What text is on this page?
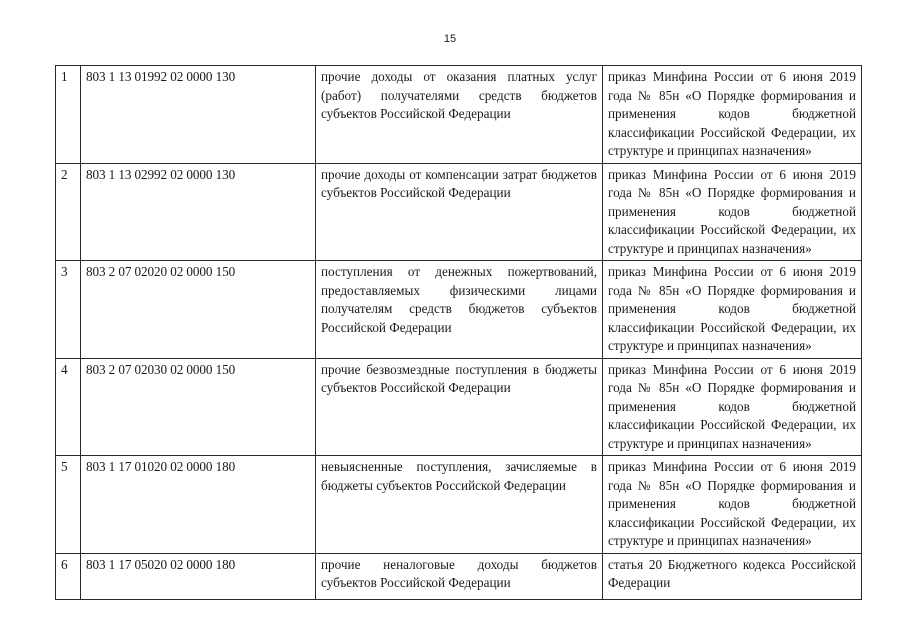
15
1	803 1 13 01992 02 0000 130	прочие доходы от оказания платных услуг (работ) получателями средств бюджетов субъектов Российской Федерации	приказ Минфина России от 6 июня 2019 года № 85н «О Порядке формирования и применения кодов бюджетной классификации Российской Федерации, их структуре и принципах назначения»
2	803 1 13 02992 02 0000 130	прочие доходы от компенсации затрат бюджетов субъектов Российской Федерации	приказ Минфина России от 6 июня 2019 года № 85н «О Порядке формирования и применения кодов бюджетной классификации Российской Федерации, их структуре и принципах назначения»
3	803 2 07 02020 02 0000 150	поступления от денежных пожертвований, предоставляемых физическими лицами получателям средств бюджетов субъектов Российской Федерации	приказ Минфина России от 6 июня 2019 года № 85н «О Порядке формирования и применения кодов бюджетной классификации Российской Федерации, их структуре и принципах назначения»
4	803 2 07 02030 02 0000 150	прочие безвозмездные поступления в бюджеты субъектов Российской Федерации	приказ Минфина России от 6 июня 2019 года № 85н «О Порядке формирования и применения кодов бюджетной классификации Российской Федерации, их структуре и принципах назначения»
5	803 1 17 01020 02 0000 180	невыясненные поступления, зачисляемые в бюджеты субъектов Российской Федерации	приказ Минфина России от 6 июня 2019 года № 85н «О Порядке формирования и применения кодов бюджетной классификации Российской Федерации, их структуре и принципах назначения»
6	803 1 17 05020 02 0000 180	прочие неналоговые доходы бюджетов субъектов Российской Федерации	статья 20 Бюджетного кодекса Российской Федерации
